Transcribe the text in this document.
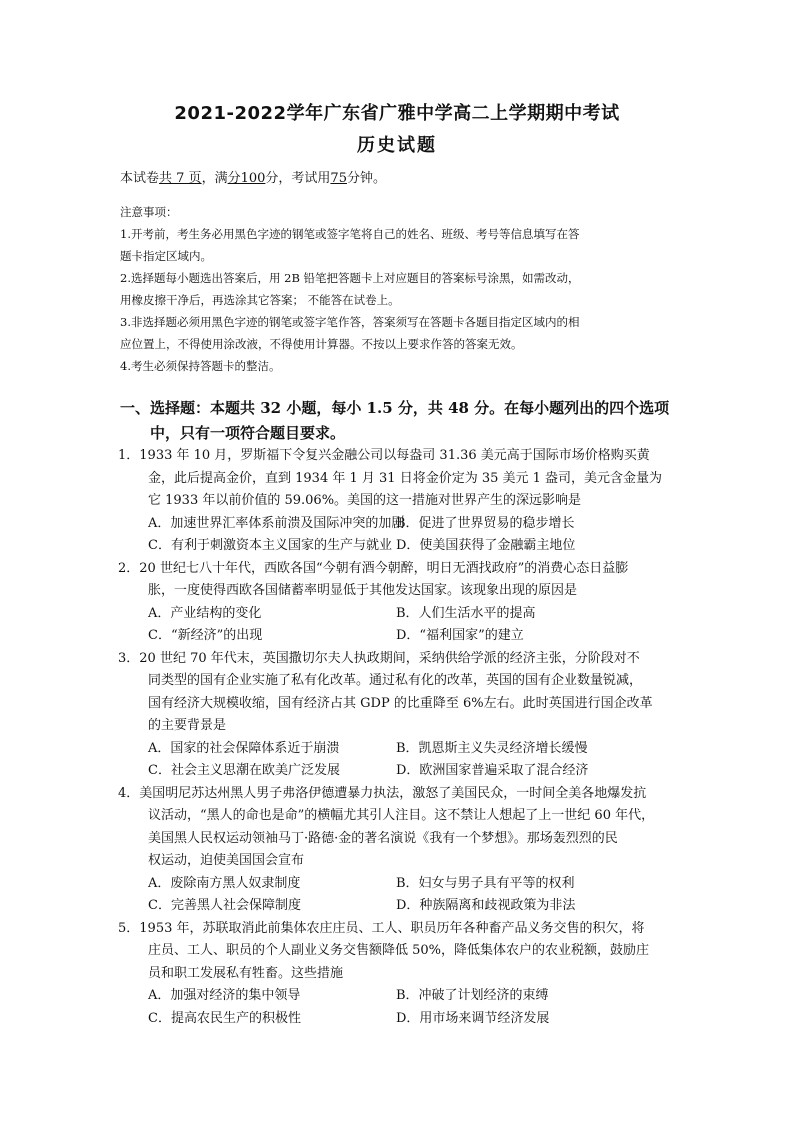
2021-2022学年广东省广雅中学高二上学期期中考试
历史试题
本试卷共 7 页，满分100分，考试用75分钟。
注意事项：
1.开考前，考生务必用黑色字迹的钢笔或签字笔将自己的姓名、班级、考号等信息填写在答
题卡指定区域内。
2.选择题每小题选出答案后，用 2B 铅笔把答题卡上对应题目的答案标号涂黑，如需改动，
用橡皮擦干净后，再选涂其它答案； 不能答在试卷上。
3.非选择题必须用黑色字迹的钢笔或签字笔作答，答案须写在答题卡各题目指定区域内的相
应位置上，不得使用涂改液，不得使用计算器。不按以上要求作答的答案无效。
4.考生必须保持答题卡的整洁。
一、选择题：本题共 32 小题，每小 1.5 分，共 48 分。在每小题列出的四个选项
中，只有一项符合题目要求。
1．1933 年 10 月，罗斯福下令复兴金融公司以每盎司 31.36 美元高于国际市场价格购买黄
金，此后提高金价，直到 1934 年 1 月 31 日将金价定为 35 美元 1 盎司，美元含金量为
它 1933 年以前价值的 59.06%。美国的这一措施对世界产生的深远影响是
A．加速世界汇率体系前溃及国际冲突的加剧
B．促进了世界贸易的稳步增长
C．有利于刺激资本主义国家的生产与就业 D．使美国获得了金融霸主地位
2．20 世纪七八十年代，西欧各国“今朝有酒今朝醉，明日无酒找政府”的消费心态日益膨
胀，一度使得西欧各国储蓄率明显低于其他发达国家。该现象出现的原因是
A．产业结构的变化	B．人们生活水平的提高
C．“新经济”的出现	D．“福利国家”的建立
3．20 世纪 70 年代末，英国撒切尔夫人执政期间，采纳供给学派的经济主张，分阶段对不
同类型的国有企业实施了私有化改革。通过私有化的改革，英国的国有企业数量锐减，
国有经济大规模收缩，国有经济占其 GDP 的比重降至 6%左右。此时英国进行国企改革
的主要背景是
A．国家的社会保障体系近于崩溃	B．凯恩斯主义失灵经济增长缓慢
C．社会主义思潮在欧美广泛发展	D．欧洲国家普遍采取了混合经济
4．美国明尼苏达州黑人男子弗洛伊德遭暴力执法，激怒了美国民众，一时间全美各地爆发抗
议活动，“黑人的命也是命”的横幅尤其引人注目。这不禁让人想起了上一世纪 60 年代，
美国黑人民权运动领袖马丁·路德·金的著名演说《我有一个梦想》。那场轰烈烈的民
权运动，迫使美国国会宣布
A．废除南方黑人奴隶制度	B．妇女与男子具有平等的权利
C．完善黑人社会保障制度	D．种族隔离和歧视政策为非法
5．1953 年，苏联取消此前集体农庄庄员、工人、职员历年各种畜产品义务交售的积欠，将
庄员、工人、职员的个人副业义务交售额降低 50%，降低集体农户的农业税额，鼓励庄
员和职工发展私有牲畜。这些措施
A．加强对经济的集中领导	B．冲破了计划经济的束缚
C．提高农民生产的积极性	D．用市场来调节经济发展
